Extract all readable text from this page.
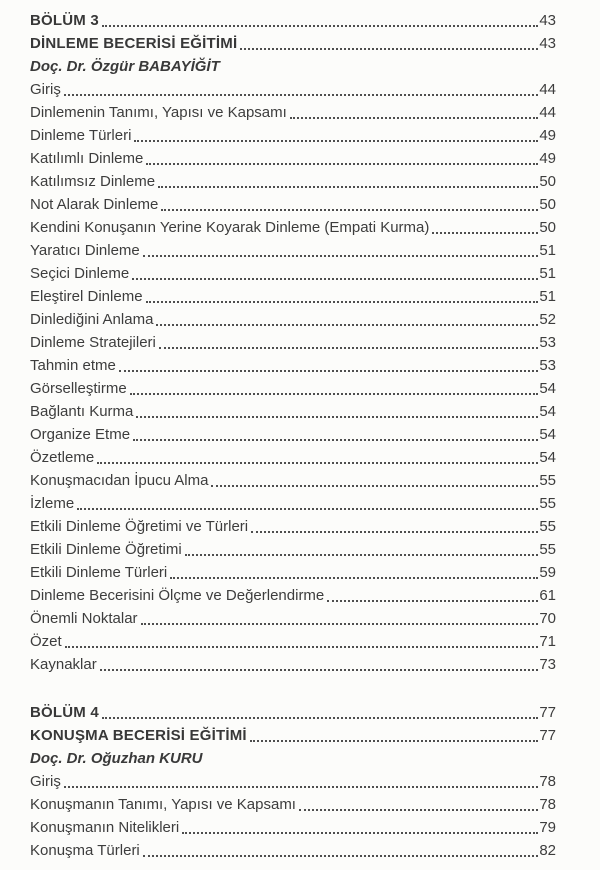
BÖLÜM 3	43
DİNLEME BECERİSİ EĞİTİMİ	43
Doç. Dr. Özgür BABAYİĞİT
Giriş	44
Dinlemenin Tanımı, Yapısı ve Kapsamı	44
Dinleme Türleri	49
Katılımlı Dinleme	49
Katılımsız Dinleme	50
Not Alarak Dinleme	50
Kendini Konuşanın Yerine Koyarak Dinleme (Empati Kurma)	50
Yaratıcı Dinleme	51
Seçici Dinleme	51
Eleştirel Dinleme	51
Dinlediğini Anlama	52
Dinleme Stratejileri	53
Tahmin etme	53
Görselleştirme	54
Bağlantı Kurma	54
Organize Etme	54
Özetleme	54
Konuşmacıdan İpucu Alma	55
İzleme	55
Etkili Dinleme Öğretimi ve Türleri	55
Etkili Dinleme Öğretimi	55
Etkili Dinleme Türleri	59
Dinleme Becerisini Ölçme ve Değerlendirme	61
Önemli Noktalar	70
Özet	71
Kaynaklar	73
BÖLÜM 4	77
KONUŞMA BECERİSİ EĞİTİMİ	77
Doç. Dr. Oğuzhan KURU
Giriş	78
Konuşmanın Tanımı, Yapısı ve Kapsamı	78
Konuşmanın Nitelikleri	79
Konuşma Türleri	82
